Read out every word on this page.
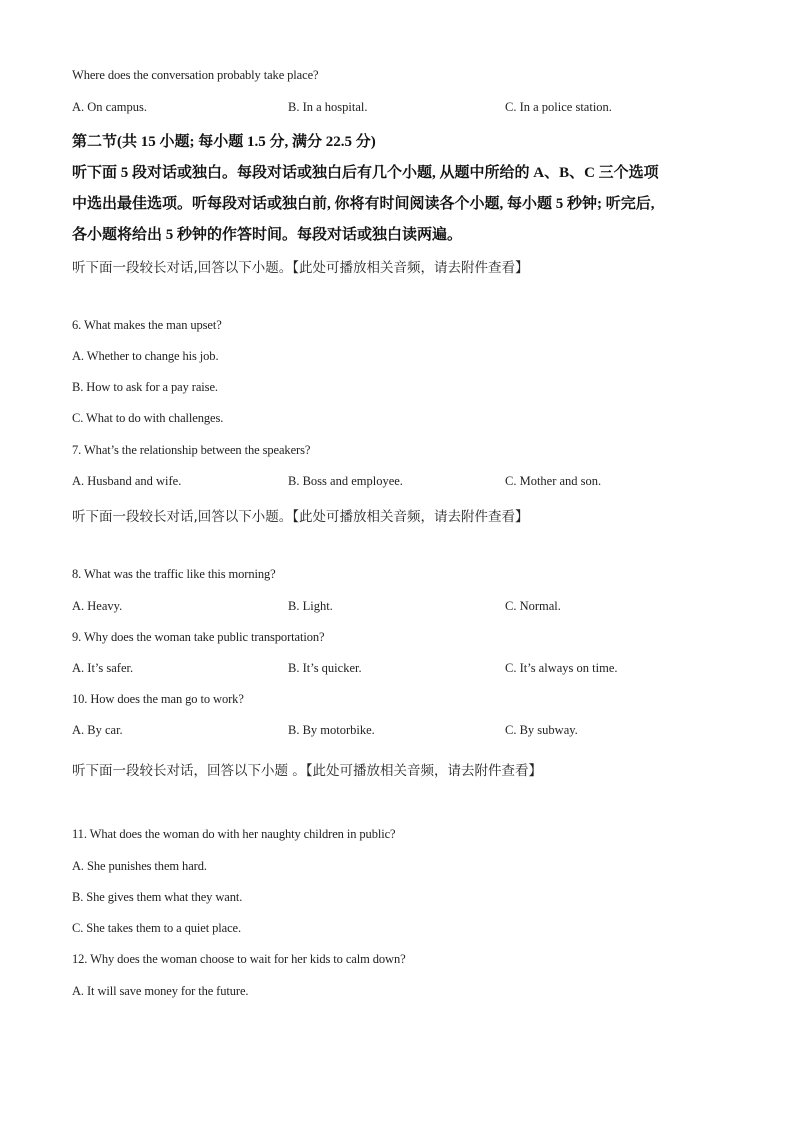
Where does the conversation probably take place?
A. On campus.	B. In a hospital.	C. In a police station.
第二节(共 15 小题; 每小题 1.5 分, 满分 22.5 分)
听下面 5 段对话或独白。每段对话或独白后有几个小题, 从题中所给的 A、B、C 三个选项
中选出最佳选项。听每段对话或独白前, 你将有时间阅读各个小题, 每小题 5 秒钟; 听完后,
各小题将给出 5 秒钟的作答时间。每段对话或独白读两遍。
听下面一段较长对话,回答以下小题。【此处可播放相关音频，请去附件查看】
6. What makes the man upset?
A. Whether to change his job.
B. How to ask for a pay raise.
C. What to do with challenges.
7. What’s the relationship between the speakers?
A. Husband and wife.	B. Boss and employee.	C. Mother and son.
听下面一段较长对话,回答以下小题。【此处可播放相关音频，请去附件查看】
8. What was the traffic like this morning?
A. Heavy.	B. Light.	C. Normal.
9. Why does the woman take public transportation?
A. It’s safer.	B. It’s quicker.	C. It’s always on time.
10. How does the man go to work?
A. By car.	B. By motorbike.	C. By subway.
听下面一段较长对话，回答以下小题 。【此处可播放相关音频，请去附件查看】
11. What does the woman do with her naughty children in public?
A. She punishes them hard.
B. She gives them what they want.
C. She takes them to a quiet place.
12. Why does the woman choose to wait for her kids to calm down?
A. It will save money for the future.
